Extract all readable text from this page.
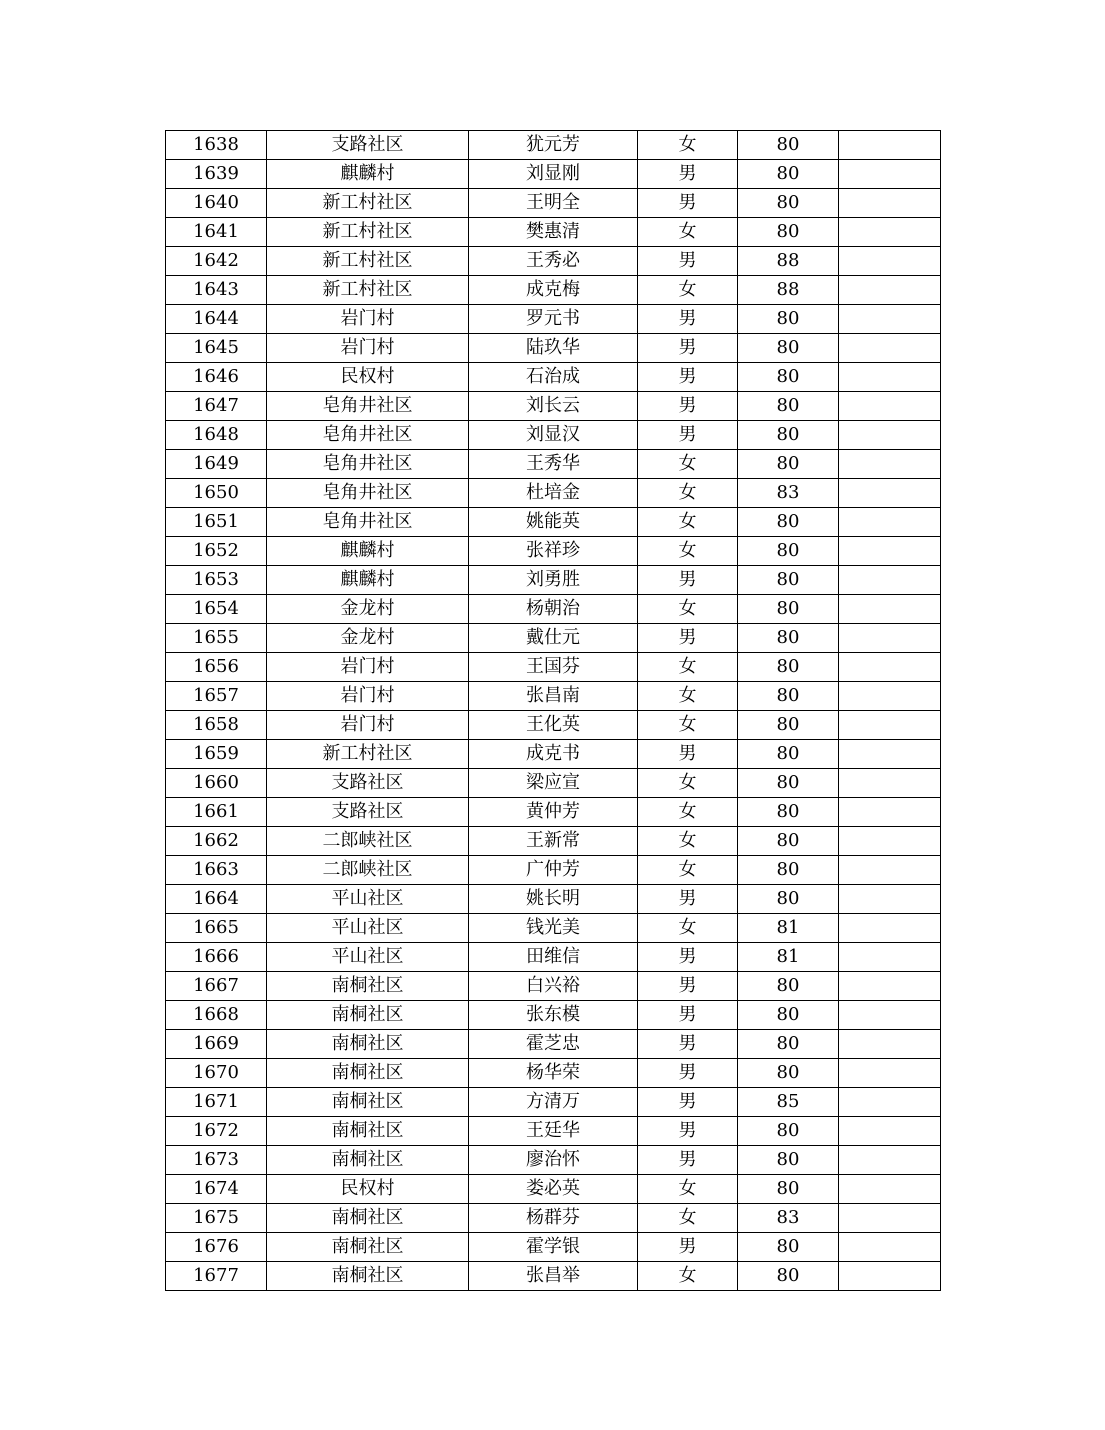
1638	支路社区	犹元芳	女	80	
1639	麒麟村	刘显刚	男	80	
1640	新工村社区	王明全	男	80	
1641	新工村社区	樊惠清	女	80	
1642	新工村社区	王秀必	男	88	
1643	新工村社区	成克梅	女	88	
1644	岩门村	罗元书	男	80	
1645	岩门村	陆玖华	男	80	
1646	民权村	石治成	男	80	
1647	皂角井社区	刘长云	男	80	
1648	皂角井社区	刘显汉	男	80	
1649	皂角井社区	王秀华	女	80	
1650	皂角井社区	杜培金	女	83	
1651	皂角井社区	姚能英	女	80	
1652	麒麟村	张祥珍	女	80	
1653	麒麟村	刘勇胜	男	80	
1654	金龙村	杨朝治	女	80	
1655	金龙村	戴仕元	男	80	
1656	岩门村	王国芬	女	80	
1657	岩门村	张昌南	女	80	
1658	岩门村	王化英	女	80	
1659	新工村社区	成克书	男	80	
1660	支路社区	梁应宣	女	80	
1661	支路社区	黄仲芳	女	80	
1662	二郎峡社区	王新常	女	80	
1663	二郎峡社区	广仲芳	女	80	
1664	平山社区	姚长明	男	80	
1665	平山社区	钱光美	女	81	
1666	平山社区	田维信	男	81	
1667	南桐社区	白兴裕	男	80	
1668	南桐社区	张东模	男	80	
1669	南桐社区	霍芝忠	男	80	
1670	南桐社区	杨华荣	男	80	
1671	南桐社区	方清万	男	85	
1672	南桐社区	王廷华	男	80	
1673	南桐社区	廖治怀	男	80	
1674	民权村	娄必英	女	80	
1675	南桐社区	杨群芬	女	83	
1676	南桐社区	霍学银	男	80	
1677	南桐社区	张昌举	女	80	
